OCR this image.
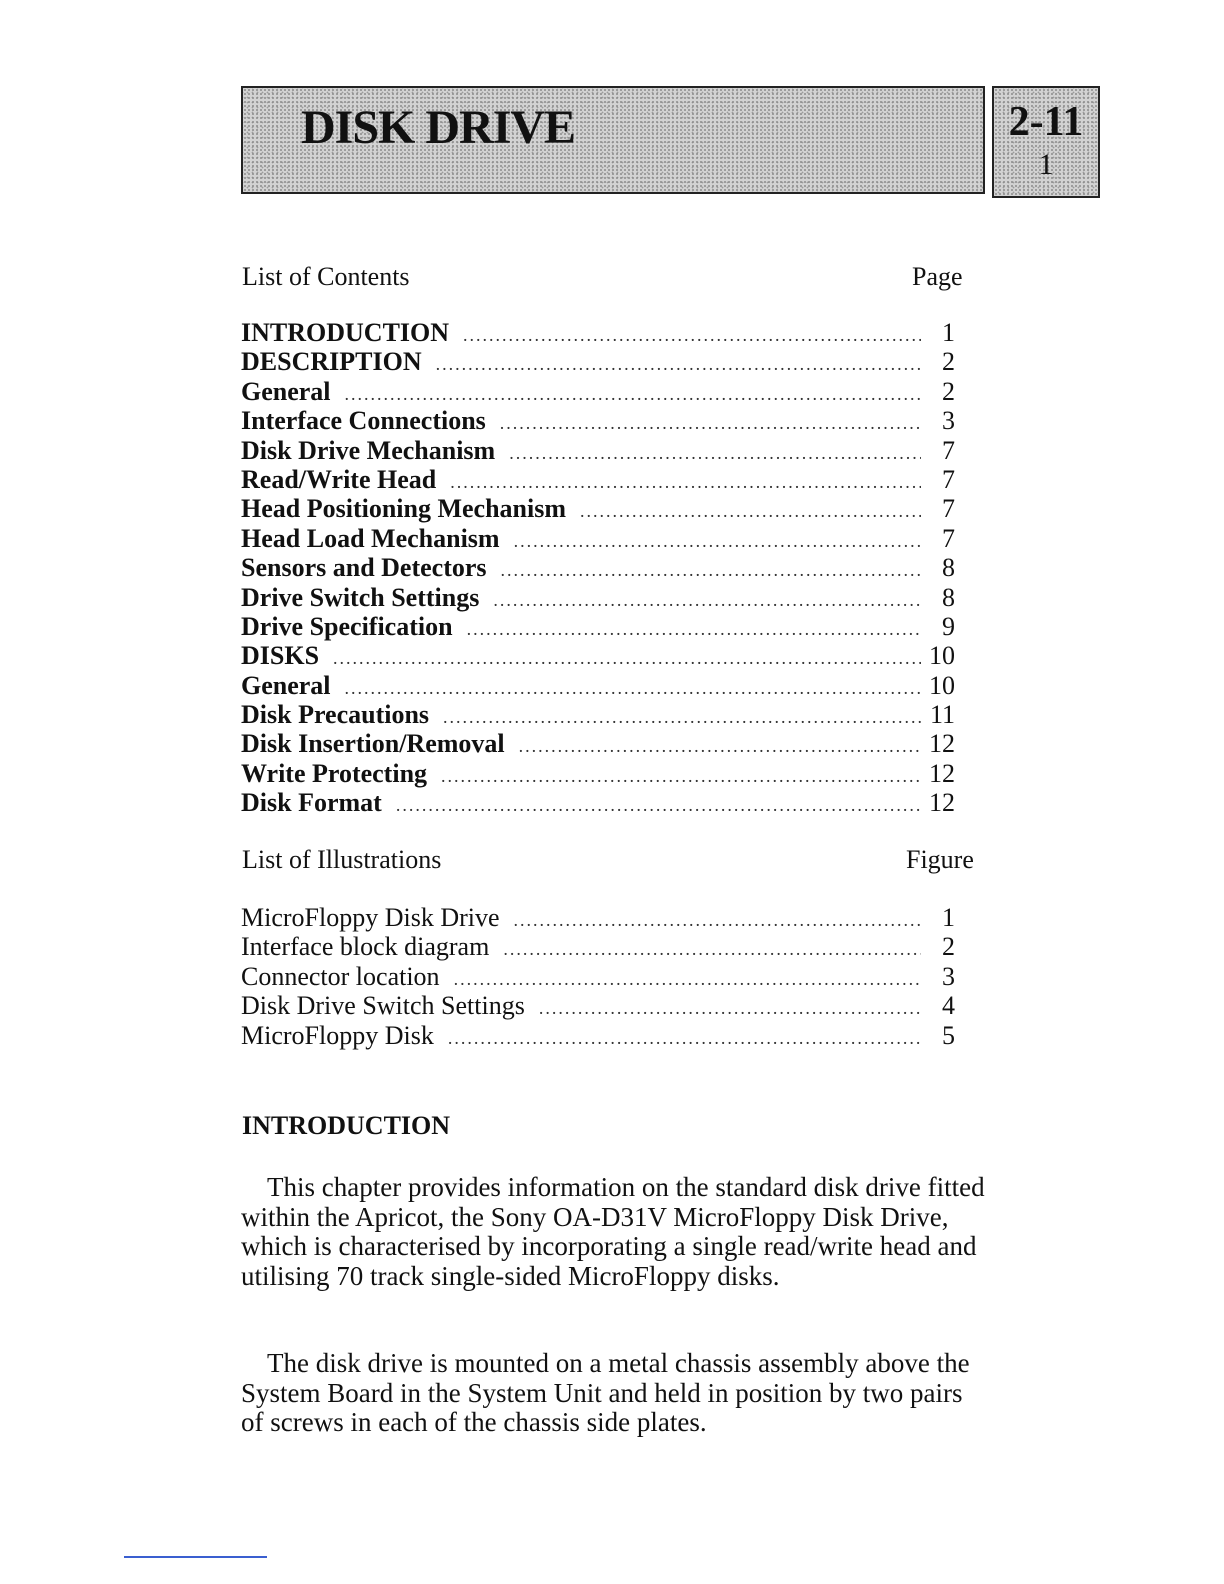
DISK DRIVE	2-11
1
List of Contents	Page
INTRODUCTION .....	1
DESCRIPTION .....	2
General .....	2
Interface Connections .....	3
Disk Drive Mechanism .....	7
Read/Write Head .....	7
Head Positioning Mechanism .....	7
Head Load Mechanism .....	7
Sensors and Detectors .....	8
Drive Switch Settings .....	8
Drive Specification .....	9
DISKS .....	10
General .....	10
Disk Precautions .....	11
Disk Insertion/Removal .....	12
Write Protecting .....	12
Disk Format .....	12
List of Illustrations	Figure
MicroFloppy Disk Drive .....	1
Interface block diagram .....	2
Connector location .....	3
Disk Drive Switch Settings .....	4
MicroFloppy Disk .....	5
INTRODUCTION

This chapter provides information on the standard disk drive fitted within the Apricot, the Sony OA-D31V MicroFloppy Disk Drive, which is characterised by incorporating a single read/write head and utilising 70 track single-sided MicroFloppy disks.

The disk drive is mounted on a metal chassis assembly above the System Board in the System Unit and held in position by two pairs of screws in each of the chassis side plates.
